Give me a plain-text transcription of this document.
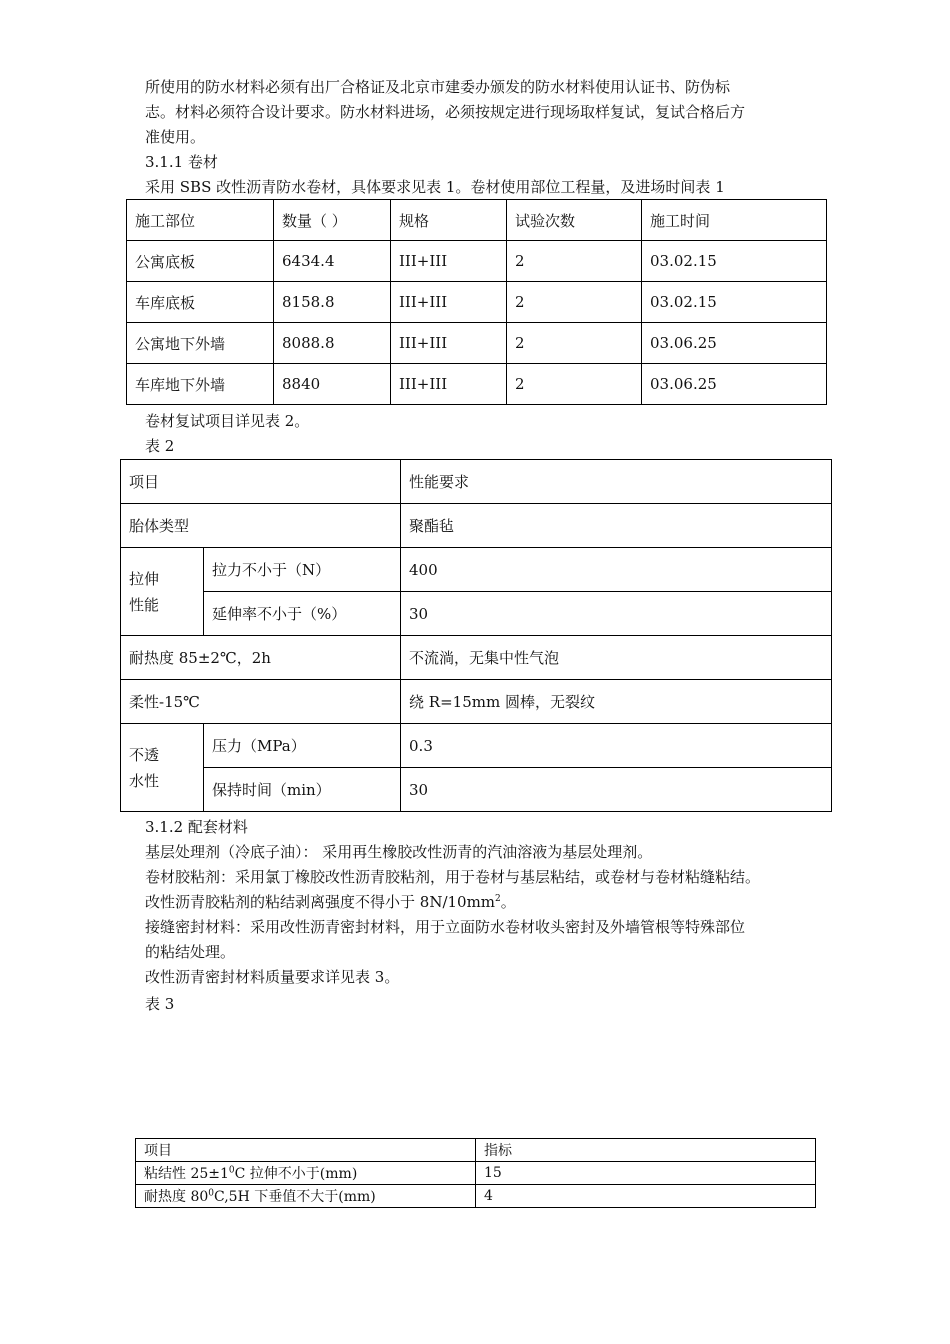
所使用的防水材料必须有出厂合格证及北京市建委办颁发的防水材料使用认证书、防伪标
志。材料必须符合设计要求。防水材料进场，必须按规定进行现场取样复试，复试合格后方
准使用。
3.1.1 卷材
采用 SBS 改性沥青防水卷材，具体要求见表 1。卷材使用部位工程量，及进场时间表 1
施工部位	数量（ ）	规格	试验次数	施工时间
公寓底板	6434.4	III+III	2	03.02.15
车库底板	8158.8	III+III	2	03.02.15
公寓地下外墙	8088.8	III+III	2	03.06.25
车库地下外墙	8840	III+III	2	03.06.25
卷材复试项目详见表 2。
表 2
项目		性能要求
胎体类型		聚酯毡
拉伸
性能	拉力不小于（N）	400
	延伸率不小于（%）	30
耐热度 85±2℃，2h		不流淌，无集中性气泡
柔性-15℃		绕 R=15mm 圆棒，无裂纹
不透
水性	压力（MPa）	0.3
	保持时间（min）	30
3.1.2 配套材料
基层处理剂（冷底子油）： 采用再生橡胶改性沥青的汽油溶液为基层处理剂。
卷材胶粘剂：采用氯丁橡胶改性沥青胶粘剂，用于卷材与基层粘结，或卷材与卷材粘缝粘结。
改性沥青胶粘剂的粘结剥离强度不得小于 $8N/10mm^2$。
接缝密封材料：采用改性沥青密封材料，用于立面防水卷材收头密封及外墙管根等特殊部位
的粘结处理。
改性沥青密封材料质量要求详见表 3。
表 3
项目	指标
粘结性 $25\pm 1^0C$ 拉伸不小于(mm)	15
耐热度 $80^0C,5H$ 下垂值不大于(mm)	4
